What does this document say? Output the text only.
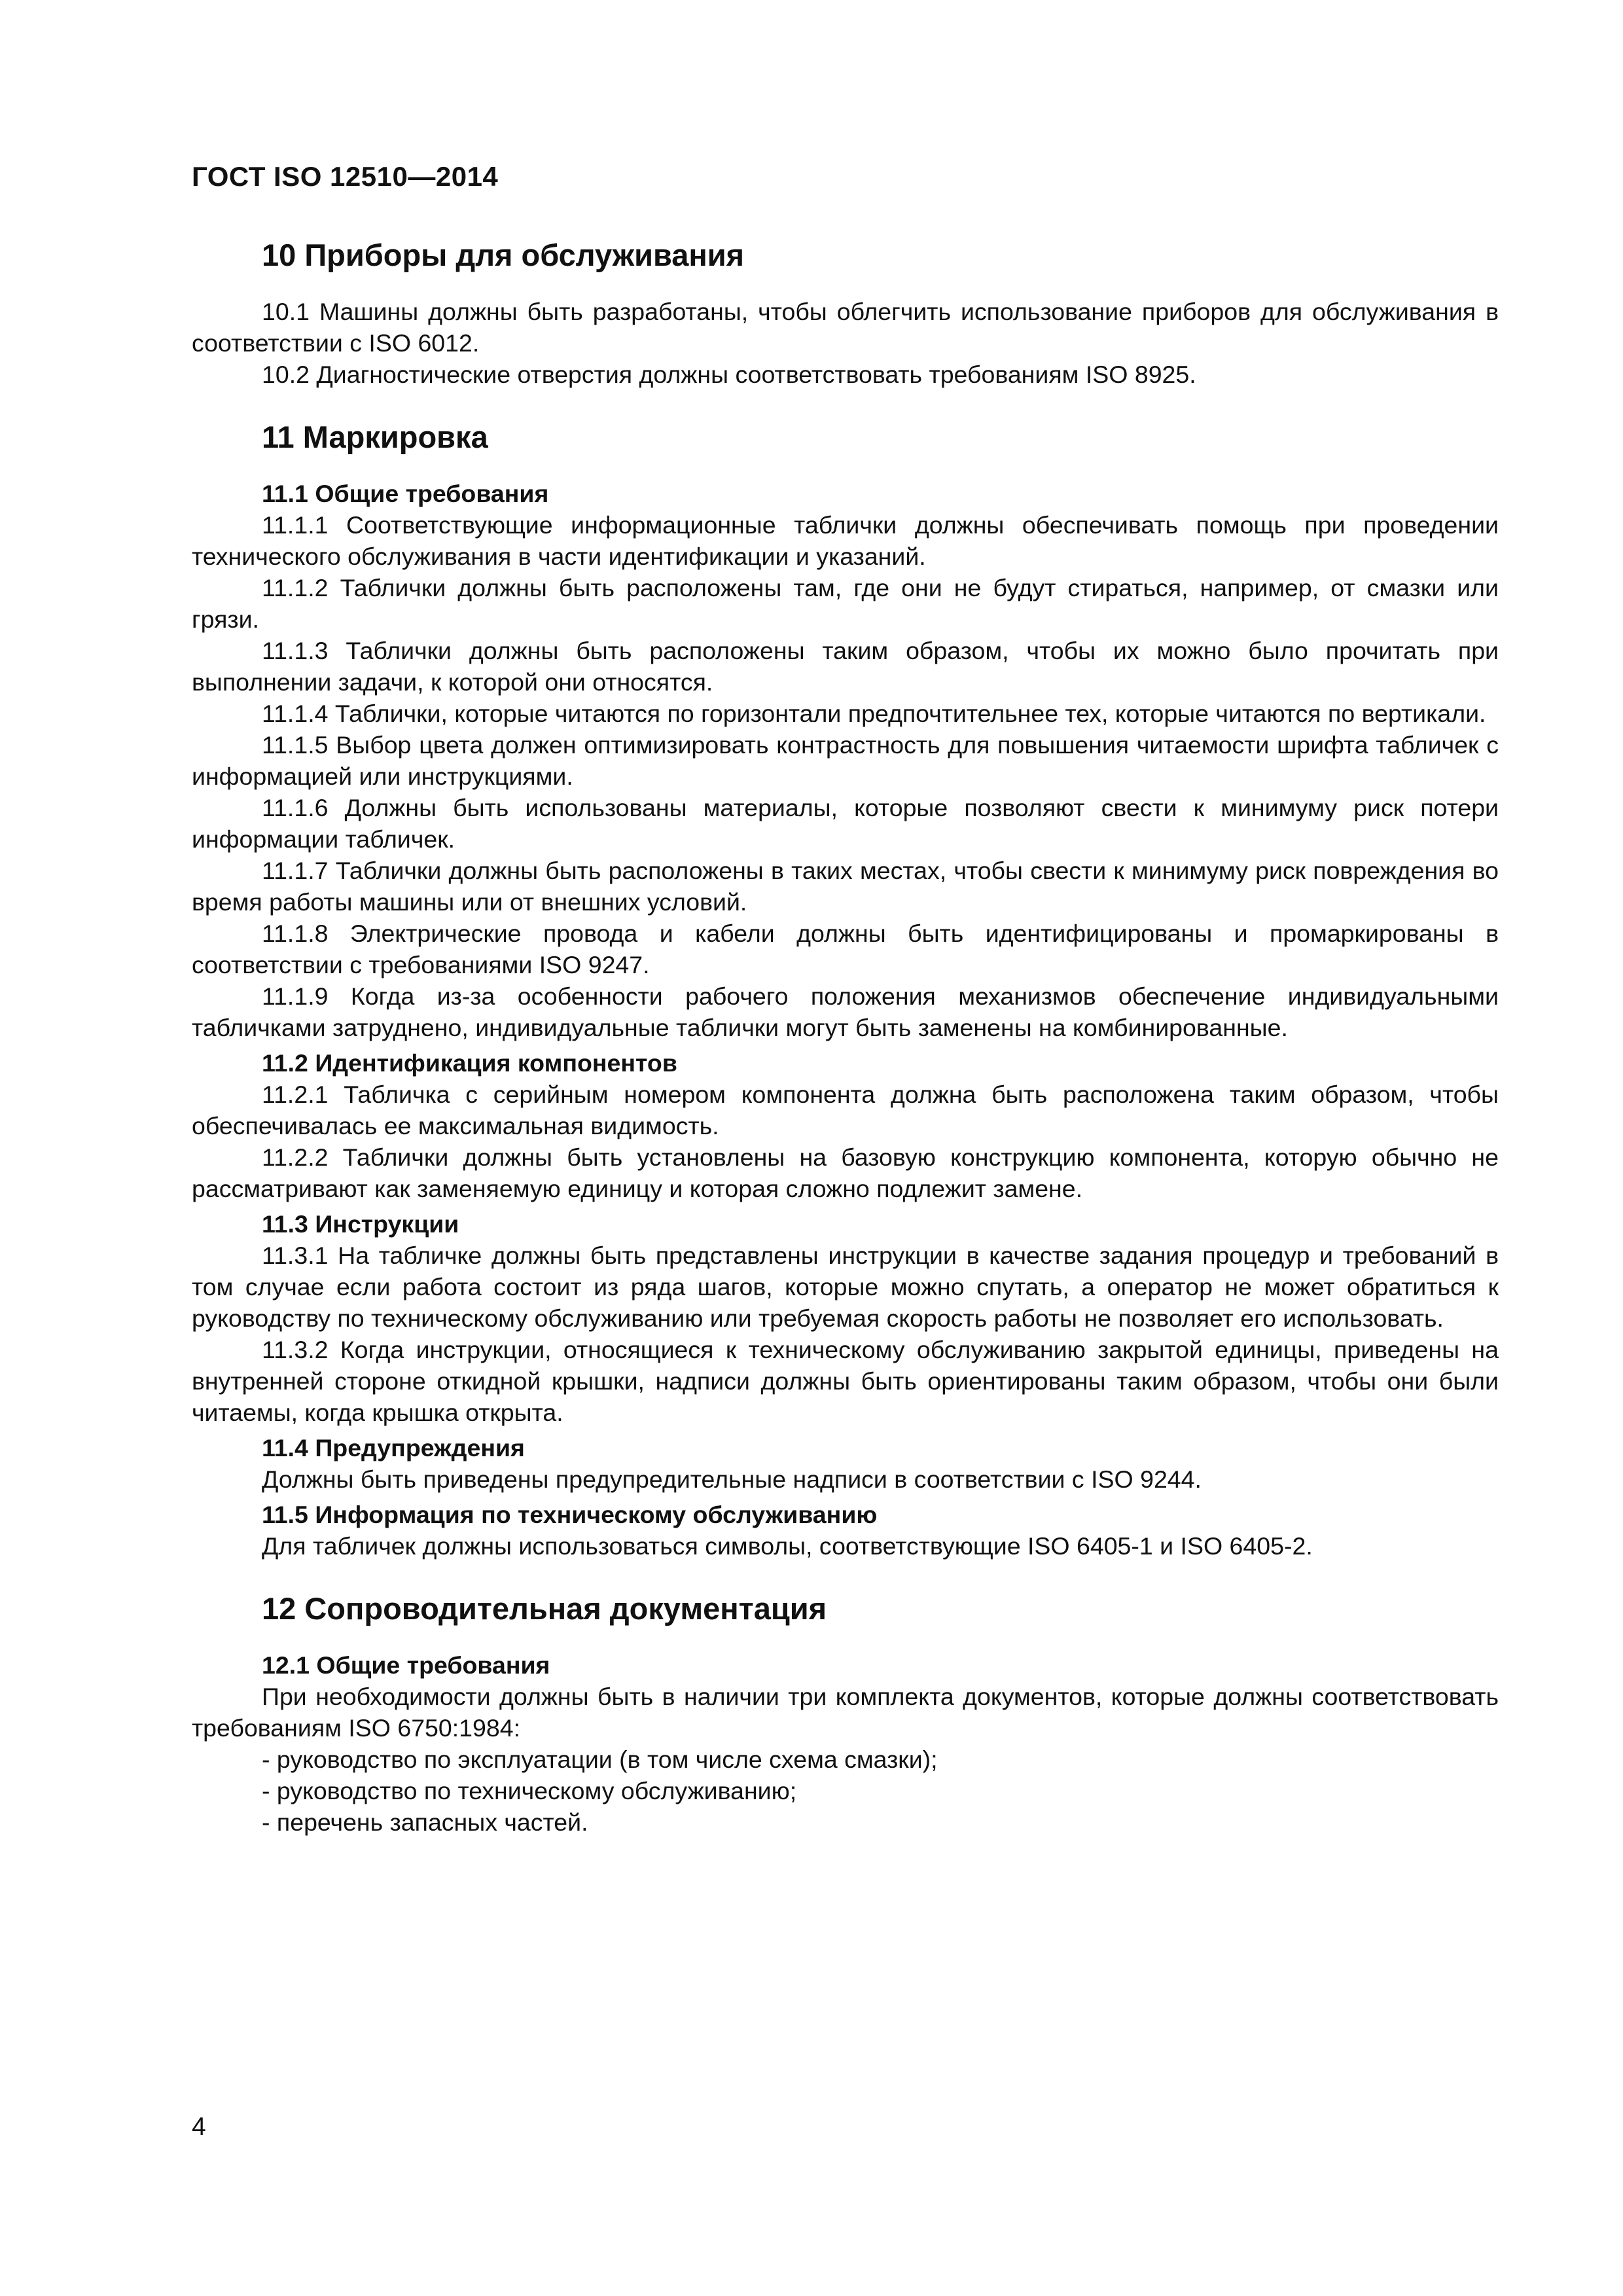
ГОСТ ISO 12510—2014
10 Приборы для обслуживания

10.1 Машины должны быть разработаны, чтобы облегчить использование приборов для обслуживания в соответствии с ISO 6012.

10.2 Диагностические отверстия должны соответствовать требованиям ISO 8925.

11 Маркировка
11.1 Общие требования

11.1.1 Соответствующие информационные таблички должны обеспечивать помощь при проведении технического обслуживания в части идентификации и указаний.

11.1.2 Таблички должны быть расположены там, где они не будут стираться, например, от смазки или грязи.

11.1.3 Таблички должны быть расположены таким образом, чтобы их можно было прочитать при выполнении задачи, к которой они относятся.

11.1.4 Таблички, которые читаются по горизонтали предпочтительнее тех, которые читаются по вертикали.

11.1.5 Выбор цвета должен оптимизировать контрастность для повышения читаемости шрифта табличек с информацией или инструкциями.

11.1.6 Должны быть использованы материалы, которые позволяют свести к минимуму риск потери информации табличек.

11.1.7 Таблички должны быть расположены в таких местах, чтобы свести к минимуму риск повреждения во время работы машины или от внешних условий.

11.1.8 Электрические провода и кабели должны быть идентифицированы и промаркированы в соответствии с требованиями ISO 9247.

11.1.9 Когда из-за особенности рабочего положения механизмов обеспечение индивидуальными табличками затруднено, индивидуальные таблички могут быть заменены на комбинированные.

11.2 Идентификация компонентов

11.2.1 Табличка с серийным номером компонента должна быть расположена таким образом, чтобы обеспечивалась ее максимальная видимость.

11.2.2 Таблички должны быть установлены на базовую конструкцию компонента, которую обычно не рассматривают как заменяемую единицу и которая сложно подлежит замене.

11.3 Инструкции

11.3.1 На табличке должны быть представлены инструкции в качестве задания процедур и требований в том случае если работа состоит из ряда шагов, которые можно спутать, а оператор не может обратиться к руководству по техническому обслуживанию или требуемая скорость работы не позволяет его использовать.

11.3.2 Когда инструкции, относящиеся к техническому обслуживанию закрытой единицы, приведены на внутренней стороне откидной крышки, надписи должны быть ориентированы таким образом, чтобы они были читаемы, когда крышка открыта.

11.4 Предупреждения

Должны быть приведены предупредительные надписи в соответствии с ISO 9244.

11.5 Информация по техническому обслуживанию

Для табличек должны использоваться символы, соответствующие ISO 6405-1 и ISO 6405-2.

12 Сопроводительная документация
12.1 Общие требования

При необходимости должны быть в наличии три комплекта документов, которые должны соответствовать требованиям ISO 6750:1984:

- руководство по эксплуатации (в том числе схема смазки);
- руководство по техническому обслуживанию;
- перечень запасных частей.
4
